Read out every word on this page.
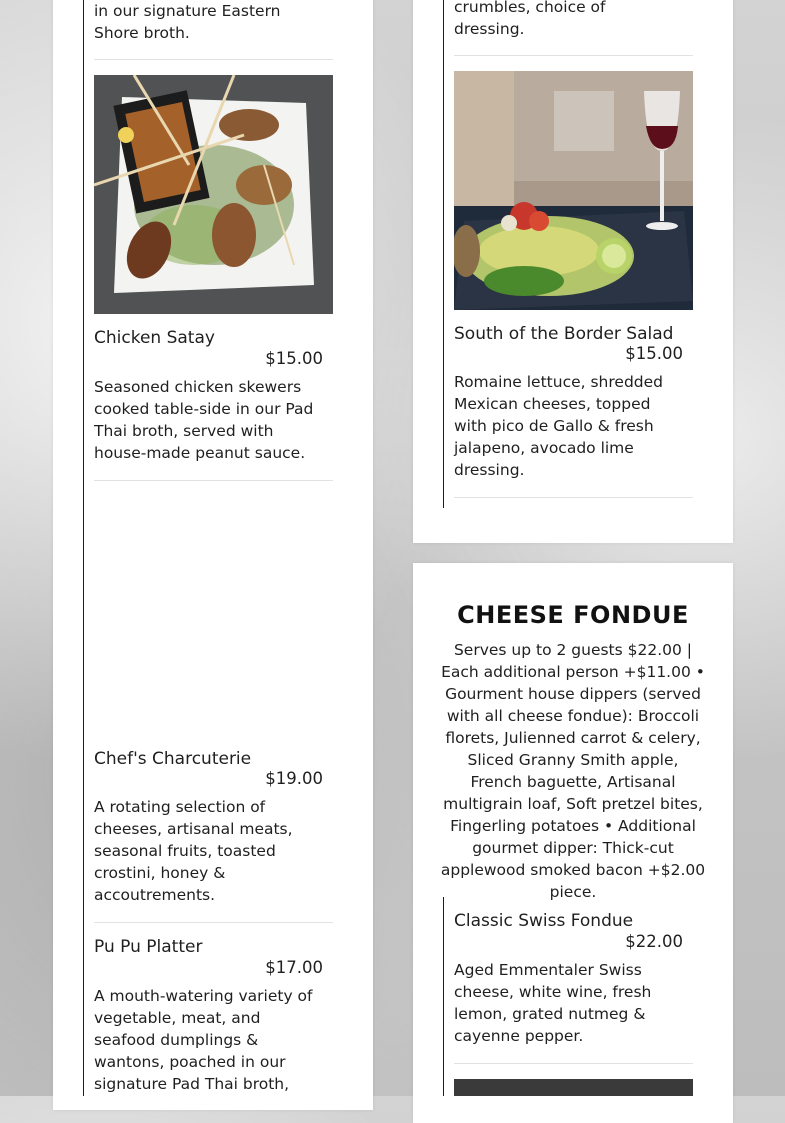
in our signature Eastern Shore broth.
Chicken Satay
$15.00
Seasoned chicken skewers cooked table-side in our Pad Thai broth, served with house-made peanut sauce.
Chef's Charcuterie
$19.00
A rotating selection of cheeses, artisanal meats, seasonal fruits, toasted crostini, honey & accoutrements.
Pu Pu Platter
$17.00
A mouth-watering variety of vegetable, meat, and seafood dumplings & wantons, poached in our signature Pad Thai broth,
crumbles, choice of dressing.
South of the Border Salad
$15.00
Romaine lettuce, shredded Mexican cheeses, topped with pico de Gallo & fresh jalapeno, avocado lime dressing.
CHEESE FONDUE
Serves up to 2 guests $22.00 | Each additional person +$11.00 • Gourment house dippers (served with all cheese fondue): Broccoli florets, Julienned carrot & celery, Sliced Granny Smith apple, French baguette, Artisanal multigrain loaf, Soft pretzel bites, Fingerling potatoes • Additional gourmet dipper: Thick-cut applewood smoked bacon +$2.00 piece.
Classic Swiss Fondue
$22.00
Aged Emmentaler Swiss cheese, white wine, fresh lemon, grated nutmeg & cayenne pepper.
